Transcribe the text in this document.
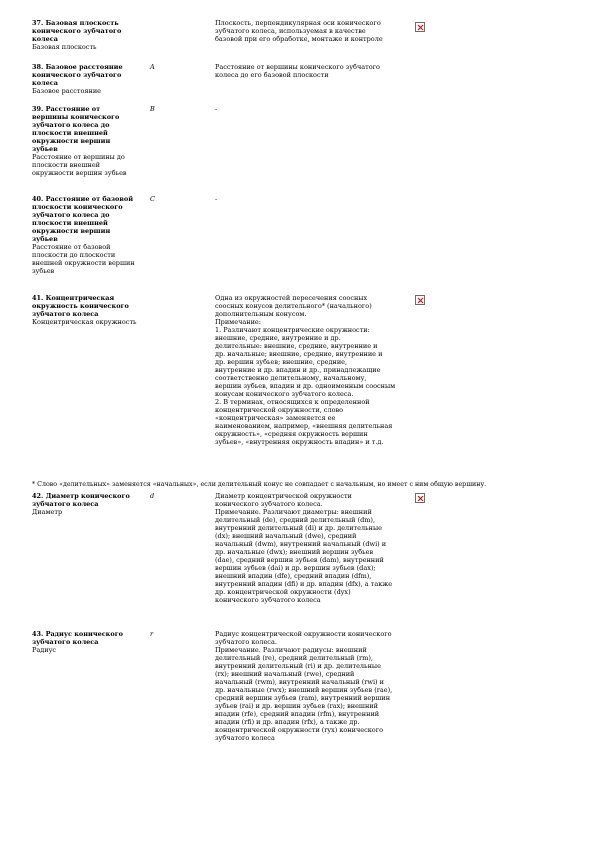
37. Базовая плоскость
конического зубчатого
колеса
Базовая плоскость
Плоскость, перпендикулярная оси конического
зубчатого колеса, используемая в качестве
базовой при его обработке, монтаже и контроле
38. Базовое расстояние
конического зубчатого
колеса
Базовое расстояние
A	Расстояние от вершины конического зубчатого
колеса до его базовой плоскости
39. Расстояние от
вершины конического
зубчатого колеса до
плоскости внешней
окружности вершин
зубьев
Расстояние от вершины до
плоскости внешней
окружности вершин зубьев
B	-
40. Расстояние от базовой
плоскости конического
зубчатого колеса до
плоскости внешней
окружности вершин
зубьев
Расстояние от базовой
плоскости до плоскости
внешней окружности вершин
зубьев
C	-
41. Концентрическая
окружность конического
зубчатого колеса
Концентрическая окружность
Одна из окружностей пересечения соосных
соосных конусов делительного* (начального)
дополнительным конусом.
Примечание:
1. Различают концентрические окружности:
внешние, средние, внутренние и др.
делительные: внешние, средние, внутренние и
др. начальные; внешние, средние, внутренние и
др. вершин зубьев; внешние, средние,
внутренние и др. впадин и др., принадлежащие
соответственно делительному, начальному,
вершин зубьев, впадин и др. одноименным соосным
конусам конического зубчатого колеса.
2. В терминах, относящихся к определенной
концентрической окружности, слово
«концентрическая» заменяется ее
наименованием, например, «внешняя делительная
окружность», «средняя окружность вершин
зубьев», «внутренняя окружность впадин» и т.д.
* Слово «делительных» заменяется «начальных», если делительный конус не совпадает с начальным, но имеет с ним общую вершину.
42. Диаметр конического
зубчатого колеса
Диаметр
d	Диаметр концентрической окружности
конического зубчатого колеса.
Примечание. Различают диаметры: внешний
делительный (de), средний делительный (dm),
внутренний делительный (di) и др. делительные
(dx); внешний начальный (dwe), средний
начальный (dwm), внутренний начальный (dwi) и
др. начальные (dwx); внешний вершин зубьев
(dae), средний вершин зубьев (dam), внутренний
вершин зубьев (dai) и др. вершин зубьев (dax);
внешний впадин (dfe), средний впадин (dfm),
внутренний впадин (dfi) и др. впадин (dfx), а также
др. концентрической окружности (dyx)
конического зубчатого колеса
43. Радиус конического
зубчатого колеса
Радиус
r	Радиус концентрической окружности конического
зубчатого колеса.
Примечание. Различают радиусы: внешний
делительный (re), средний делительный (rm),
внутренний делительный (ri) и др. делительные
(rx); внешний начальный (rwe), средний
начальный (rwm), внутренний начальный (rwi) и
др. начальные (rwx); внешний вершин зубьев (rae),
средний вершин зубьев (ram), внутренний вершин
зубьев (rai) и др. вершин зубьев (rax); внешний
впадин (rfe), средний впадин (rfm), внутренний
впадин (rfi) и др. впадин (rfx), а также др.
концентрической окружности (ryx) конического
зубчатого колеса
